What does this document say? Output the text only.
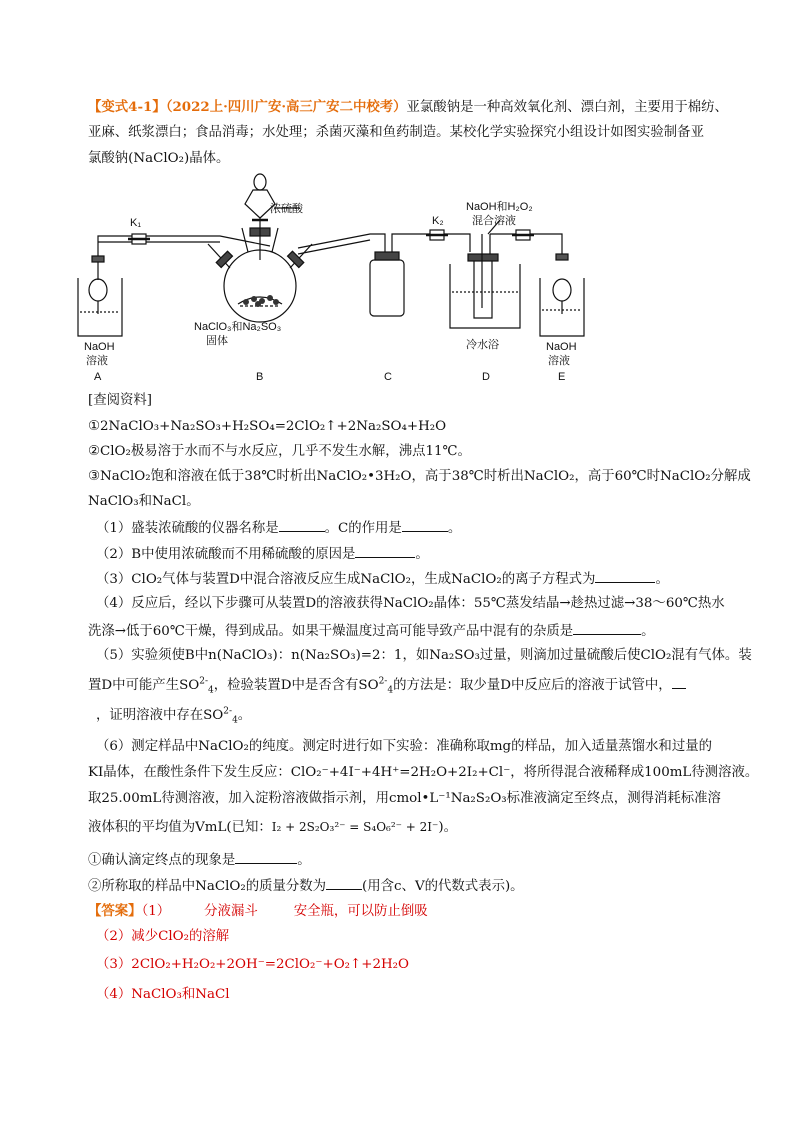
【变式4-1】（2022上·四川广安·高三广安二中校考）亚氯酸钠是一种高效氧化剂、漂白剂，主要用于棉纺、
亚麻、纸浆漂白；食品消毒；水处理；杀菌灭藻和鱼药制造。某校化学实验探究小组设计如图实验制备亚
氯酸钠(NaClO₂)晶体。
K₁	K₂
浓硫酸	NaOH和H₂O₂
混合溶液
NaClO₃和Na₂SO₃
固体
NaOH
溶液
NaOH
溶液
冷水浴
A	B	C	D	E
[查阅资料]
①2NaClO₃+Na₂SO₃+H₂SO₄=2ClO₂↑+2Na₂SO₄+H₂O
②ClO₂极易溶于水而不与水反应，几乎不发生水解，沸点11℃。
③NaClO₂饱和溶液在低于38℃时析出NaClO₂•3H₂O，高于38℃时析出NaClO₂，高于60℃时NaClO₂分解成
NaClO₃和NaCl。
（1）盛装浓硫酸的仪器名称是	。C的作用是	。
（2）B中使用浓硫酸而不用稀硫酸的原因是	。
（3）ClO₂气体与装置D中混合溶液反应生成NaClO₂，生成NaClO₂的离子方程式为	。
（4）反应后，经以下步骤可从装置D的溶液获得NaClO₂晶体：55℃蒸发结晶→趁热过滤→38～60℃热水
洗涤→低于60℃干燥，得到成品。如果干燥温度过高可能导致产品中混有的杂质是	。
（5）实验须使B中n(NaClO₃)：n(Na₂SO₃)=2：1，如Na₂SO₃过量，则滴加过量硫酸后使ClO₂混有气体。装
置D中可能产生$SO^{2-}_4$，检验装置D中是否含有$SO^{2-}_4$的方法是：取少量D中反应后的溶液于试管中，
，证明溶液中存在$SO^{2-}_4$。
（6）测定样品中NaClO₂的纯度。测定时进行如下实验：准确称取mg的样品，加入适量蒸馏水和过量的
KI晶体，在酸性条件下发生反应：ClO₂⁻+4I⁻+4H⁺=2H₂O+2I₂+Cl⁻，将所得混合液稀释成100mL待测溶液。
取25.00mL待测溶液，加入淀粉溶液做指示剂，用cmol•L⁻¹Na₂S₂O₃标准液滴定至终点，测得消耗标准溶
液体积的平均值为VmL(已知：I₂ + 2S₂O₃²⁻ = S₄O₆²⁻ + 2I⁻)。
①确认滴定终点的现象是	。
②所称取的样品中NaClO₂的质量分数为	(用含c、V的代数式表示)。
【答案】（1）	分液漏斗	安全瓶，可以防止倒吸
（2）减少ClO₂的溶解
（3）2ClO₂+H₂O₂+2OH⁻=2ClO₂⁻+O₂↑+2H₂O
（4）NaClO₃和NaCl
